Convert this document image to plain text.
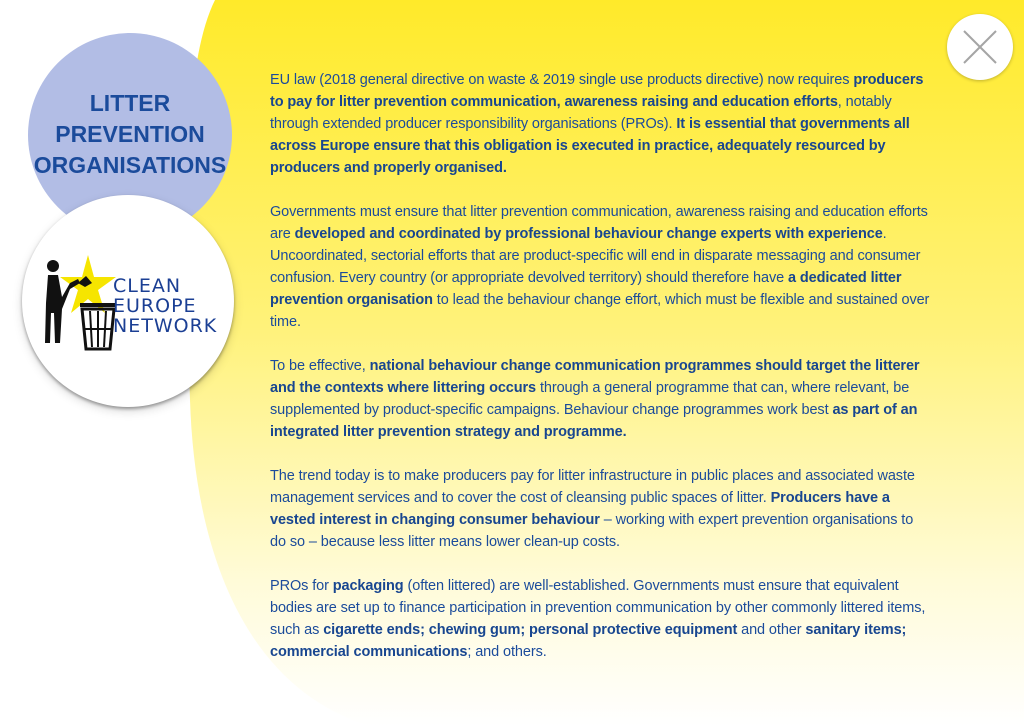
LITTER
PREVENTION
ORGANISATIONS
CLEAN
EUROPE
NETWORK

EU law (2018 general directive on waste & 2019 single use products directive) now requires producers to pay for litter prevention communication, awareness raising and education efforts, notably through extended producer responsibility organisations (PROs). It is essential that governments all across Europe ensure that this obligation is executed in practice, adequately resourced by producers and properly organised.

Governments must ensure that litter prevention communication, awareness raising and education efforts are developed and coordinated by professional behaviour change experts with experience. Uncoordinated, sectorial efforts that are product-specific will end in disparate messaging and consumer confusion. Every country (or appropriate devolved territory) should therefore have a dedicated litter prevention organisation to lead the behaviour change effort, which must be flexible and sustained over time.

To be effective, national behaviour change communication programmes should target the litterer and the contexts where littering occurs through a general programme that can, where relevant, be supplemented by product-specific campaigns. Behaviour change programmes work best as part of an integrated litter prevention strategy and programme.

The trend today is to make producers pay for litter infrastructure in public places and associated waste management services and to cover the cost of cleansing public spaces of litter. Producers have a vested interest in changing consumer behaviour – working with expert prevention organisations to do so – because less litter means lower clean-up costs.

PROs for packaging (often littered) are well-established. Governments must ensure that equivalent bodies are set up to finance participation in prevention communication by other commonly littered items, such as cigarette ends; chewing gum; personal protective equipment and other sanitary items; commercial communications; and others.
